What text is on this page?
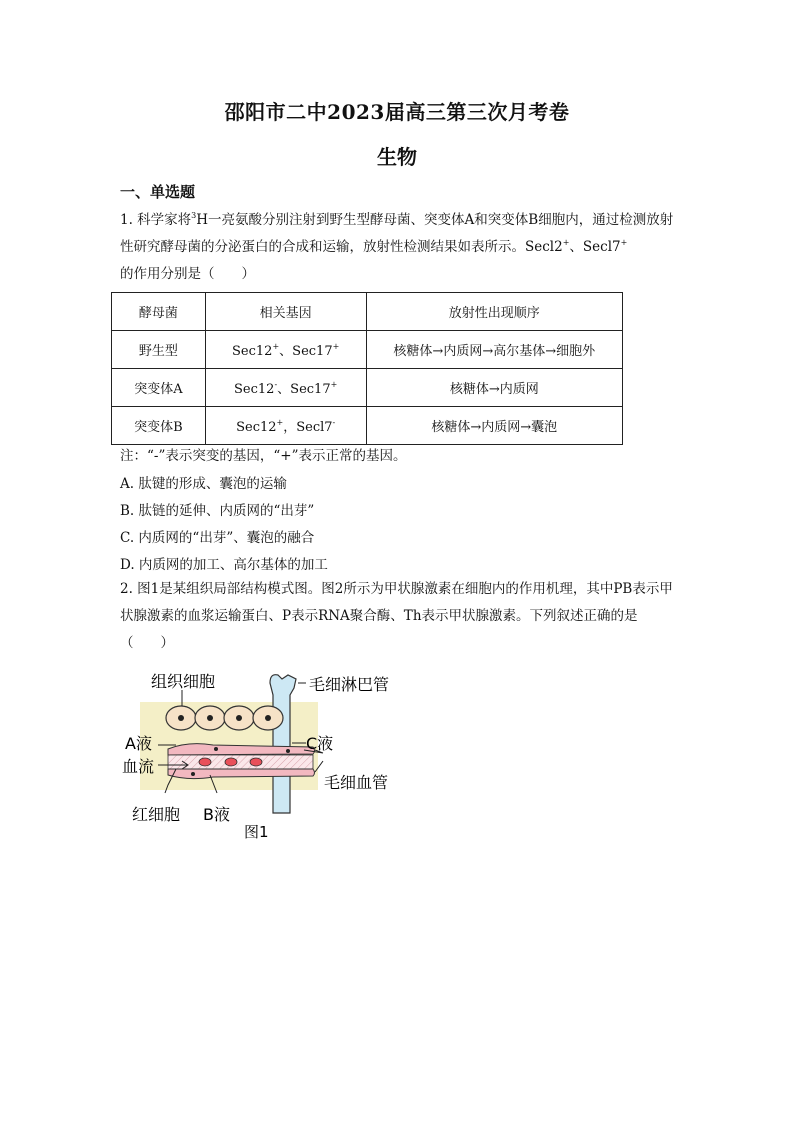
邵阳市二中2023届高三第三次月考卷
生物
一、单选题
1. 科学家将$^3$H一亮氨酸分别注射到野生型酵母菌、突变体A和突变体B细胞内，通过检测放射性研究酵母菌的分泌蛋白的合成和运输，放射性检测结果如表所示。Secl2+、Secl7+
的作用分别是（　　）
酵母菌	相关基因	放射性出现顺序
野生型	Sec12+、Sec17+	核糖体→内质网→高尔基体→细胞外
突变体A	Sec12-、Sec17+	核糖体→内质网
突变体B	Sec12+，Secl7-	核糖体→内质网→囊泡
注：“-”表示突变的基因，“+”表示正常的基因。
A. 肽键的形成、囊泡的运输
B. 肽链的延伸、内质网的“出芽”
C. 内质网的“出芽”、囊泡的融合
D. 内质网的加工、高尔基体的加工
2. 图1是某组织局部结构模式图。图2所示为甲状腺激素在细胞内的作用机理，其中PB表示甲状腺激素的血浆运输蛋白、P表示RNA聚合酶、Th表示甲状腺激素。下列叙述正确的是（　　）
组织细胞	毛细淋巴管
A液	C液
血流
毛细血管
红细胞 B液
图1
